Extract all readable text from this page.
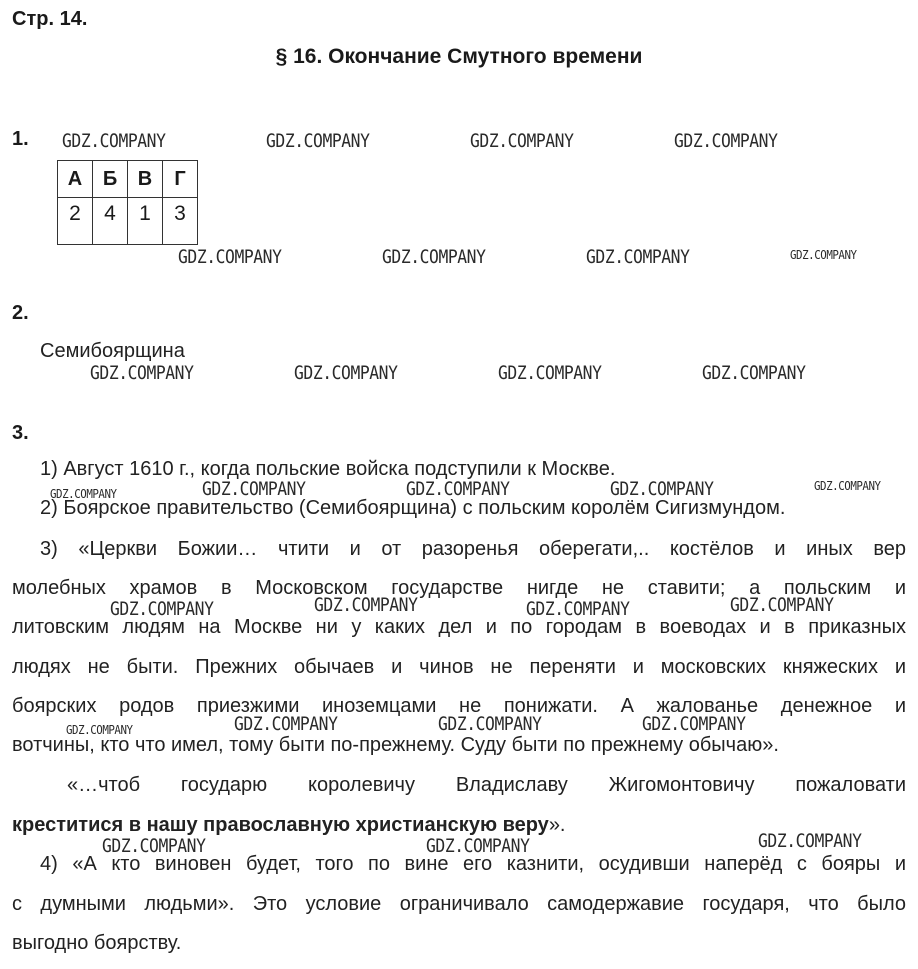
Стр. 14.
§ 16. Окончание Смутного времени
1.
А	Б	В	Г
2	4	1	3
2.
Семибоярщина
3.
1) Август 1610 г., когда польские войска подступили к Москве.
2) Боярское правительство (Семибоярщина) с польским королём Сигизмундом.
3) «Церкви Божии… чтити и от разоренья оберегати,.. костёлов и иных вер
молебных храмов в Московском государстве нигде не ставити; а польским и
литовским людям на Москве ни у каких дел и по городам в воеводах и в приказных
людях не быти. Прежних обычаев и чинов не переняти и московских княжеских и
боярских родов приезжими иноземцами не понижати. А жалованье денежное и
вотчины, кто что имел, тому быти по-прежнему. Суду быти по прежнему обычаю».
«…чтоб государю королевичу Владиславу Жигомонтовичу пожаловати
креститися в нашу православную христианскую веру».
4) «А кто виновен будет, того по вине его казнити, осудивши наперёд с бояры и
с думными людьми». Это условие ограничивало самодержавие государя, что было
выгодно боярству.
GDZ.COMPANY	GDZ.COMPANY	GDZ.COMPANY	GDZ.COMPANY
GDZ.COMPANY	GDZ.COMPANY	GDZ.COMPANY	GDZ.COMPANY
GDZ.COMPANY	GDZ.COMPANY	GDZ.COMPANY	GDZ.COMPANY
GDZ.COMPANY	GDZ.COMPANY	GDZ.COMPANY	GDZ.COMPANY	GDZ.COMPANY
GDZ.COMPANY	GDZ.COMPANY	GDZ.COMPANY	GDZ.COMPANY
GDZ.COMPANY	GDZ.COMPANY	GDZ.COMPANY	GDZ.COMPANY
GDZ.COMPANY
GDZ.COMPANY	GDZ.COMPANY
